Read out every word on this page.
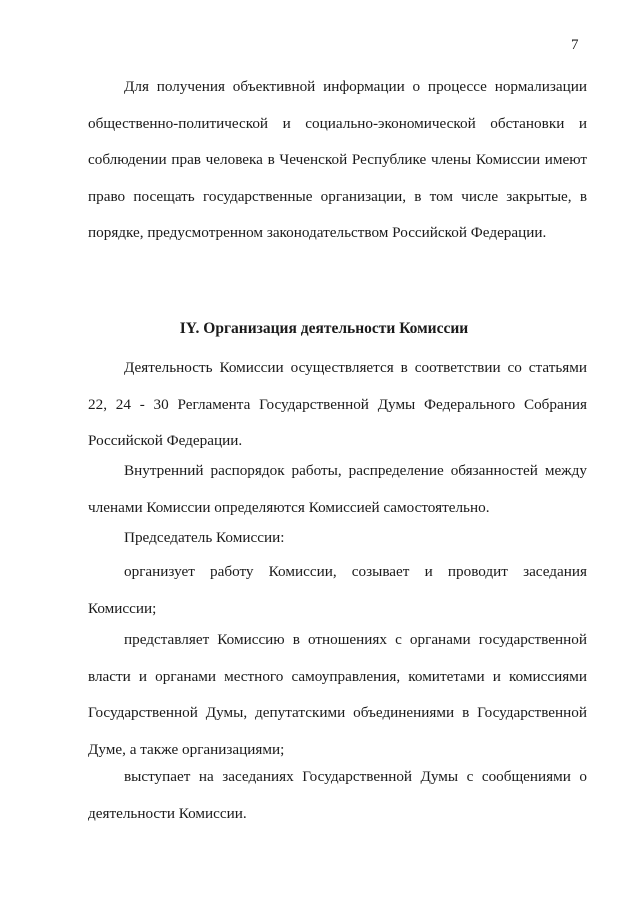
7

Для получения объективной информации о процессе нормализации общественно-политической и социально-экономической обстановки и соблюдении прав человека в Чеченской Республике члены Комиссии имеют право посещать государственные организации, в том числе закрытые, в порядке, предусмотренном законодательством Российской Федерации.

IY. Организация деятельности Комиссии

Деятельность Комиссии осуществляется в соответствии со статьями 22, 24 - 30 Регламента Государственной Думы Федерального Собрания Российской Федерации.

Внутренний распорядок работы, распределение обязанностей между членами Комиссии определяются Комиссией самостоятельно.

Председатель Комиссии:

организует работу Комиссии, созывает и проводит заседания Комиссии;

представляет Комиссию в отношениях с органами государственной власти и органами местного самоуправления, комитетами и комиссиями Государственной Думы, депутатскими объединениями в Государственной Думе, а также организациями;

выступает на заседаниях Государственной Думы с сообщениями о деятельности Комиссии.
